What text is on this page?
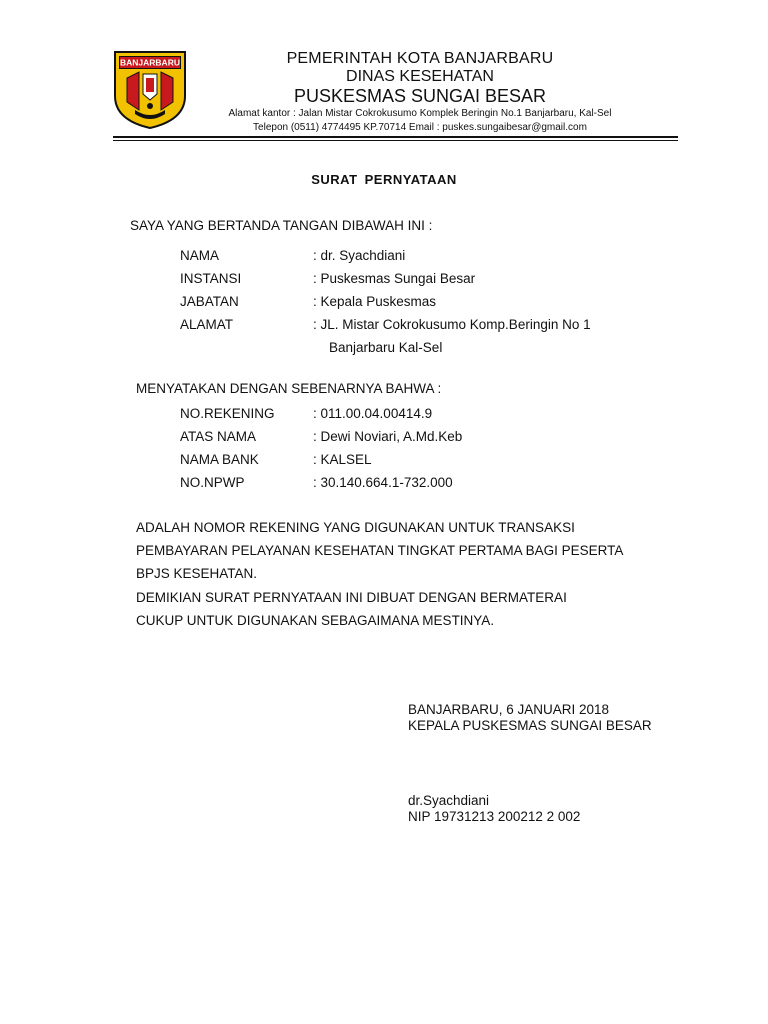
BANJARBARU	PEMERINTAH KOTA BANJARBARU
DINAS KESEHATAN
PUSKESMAS SUNGAI BESAR
Alamat kantor : Jalan Mistar Cokrokusumo Komplek Beringin No.1 Banjarbaru, Kal-Sel
Telepon (0511) 4774495 KP.70714 Email : puskes.sungaibesar@gmail.com
SURAT PERNYATAAN
SAYA YANG BERTANDA TANGAN DIBAWAH INI :
NAMA	: dr. Syachdiani
INSTANSI	: Puskesmas Sungai Besar
JABATAN	: Kepala Puskesmas
ALAMAT	: JL. Mistar Cokrokusumo Komp.Beringin No 1
Banjarbaru Kal-Sel
MENYATAKAN DENGAN SEBENARNYA BAHWA :
NO.REKENING	: 011.00.04.00414.9
ATAS NAMA	: Dewi Noviari, A.Md.Keb
NAMA BANK	: KALSEL
NO.NPWP	: 30.140.664.1-732.000
ADALAH NOMOR REKENING YANG DIGUNAKAN UNTUK TRANSAKSI
PEMBAYARAN PELAYANAN KESEHATAN TINGKAT PERTAMA BAGI PESERTA
BPJS KESEHATAN.
DEMIKIAN SURAT PERNYATAAN INI DIBUAT DENGAN BERMATERAI
CUKUP UNTUK DIGUNAKAN SEBAGAIMANA MESTINYA.
BANJARBARU, 6 JANUARI 2018
KEPALA PUSKESMAS SUNGAI BESAR
dr.Syachdiani
NIP 19731213 200212 2 002
